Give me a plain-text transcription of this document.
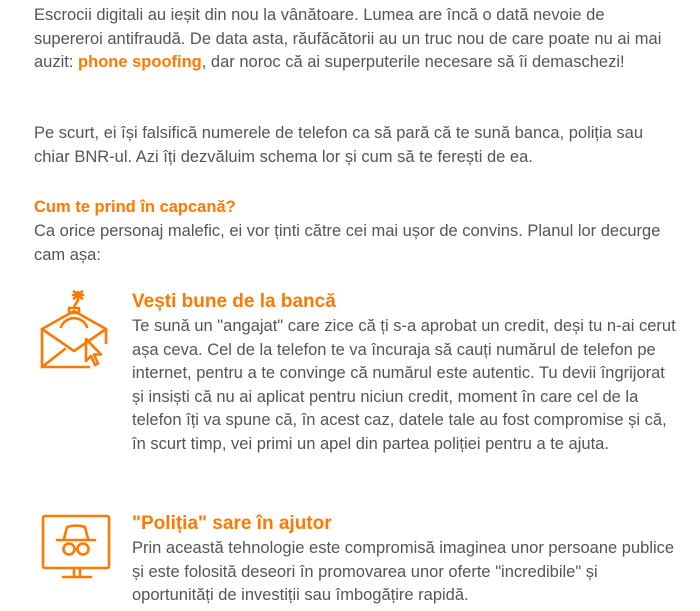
Escrocii digitali au ieșit din nou la vânătoare. Lumea are încă o dată nevoie de supereroi antifraudă. De data asta, răufăcătorii au un truc nou de care poate nu ai mai auzit: phone spoofing, dar noroc că ai superputerile necesare să îi demaschezi!

Pe scurt, ei își falsifică numerele de telefon ca să pară că te sună banca, poliția sau chiar BNR-ul. Azi îți dezvăluim schema lor și cum să te ferești de ea.

Cum te prind în capcană?

Ca orice personaj malefic, ei vor ținti către cei mai ușor de convins. Planul lor decurge cam așa:

Vești bune de la bancă

Te sună un "angajat" care zice că ți s-a aprobat un credit, deși tu n-ai cerut așa ceva. Cel de la telefon te va încuraja să cauți numărul de telefon pe internet, pentru a te convinge că numărul este autentic. Tu devii îngrijorat și insiști că nu ai aplicat pentru niciun credit, moment în care cel de la telefon îți va spune că, în acest caz, datele tale au fost compromise și că, în scurt timp, vei primi un apel din partea poliției pentru a te ajuta.

"Poliția" sare în ajutor

Prin această tehnologie este compromisă imaginea unor persoane publice și este folosită deseori în promovarea unor oferte "incredibile" și oportunități de investiții sau îmbogățire rapidă.
